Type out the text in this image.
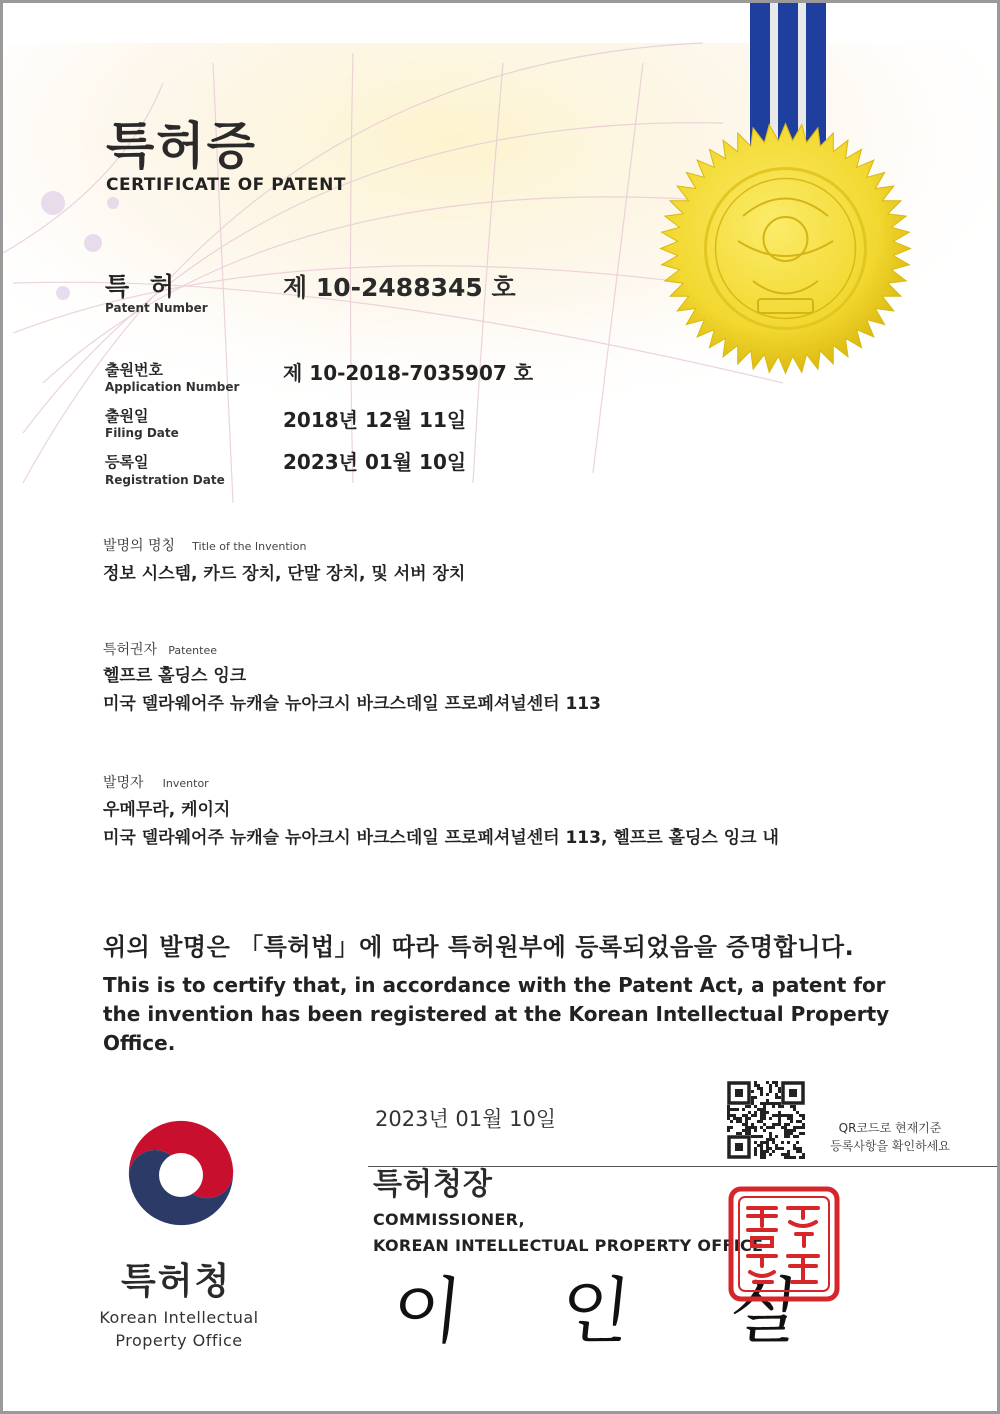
특허증
CERTIFICATE OF PATENT
특 허
Patent Number
제 10-2488345 호
출원번호
Application Number
제 10-2018-7035907 호
출원일
Filing Date
2018년 12월 11일
등록일
Registration Date
2023년 01월 10일
발명의 명칭 Title of the Invention
정보 시스템, 카드 장치, 단말 장치, 및 서버 장치
특허권자 Patentee
헬프르 홀딩스 잉크
미국 델라웨어주 뉴캐슬 뉴아크시 바크스데일 프로페셔널센터 113
발명자 Inventor
우메무라, 케이지
미국 델라웨어주 뉴캐슬 뉴아크시 바크스데일 프로페셔널센터 113, 헬프르 홀딩스 잉크 내
위의 발명은 「특허법」에 따라 특허원부에 등록되었음을 증명합니다.
This is to certify that, in accordance with the Patent Act, a patent for the invention has been registered at the Korean Intellectual Property Office.
2023년 01월 10일	QR코드로 현재기준
등록사항을 확인하세요
특허청장
COMMISSIONER,
KOREAN INTELLECTUAL PROPERTY OFFICE
이 인 실
특허청
Korean Intellectual
Property Office
